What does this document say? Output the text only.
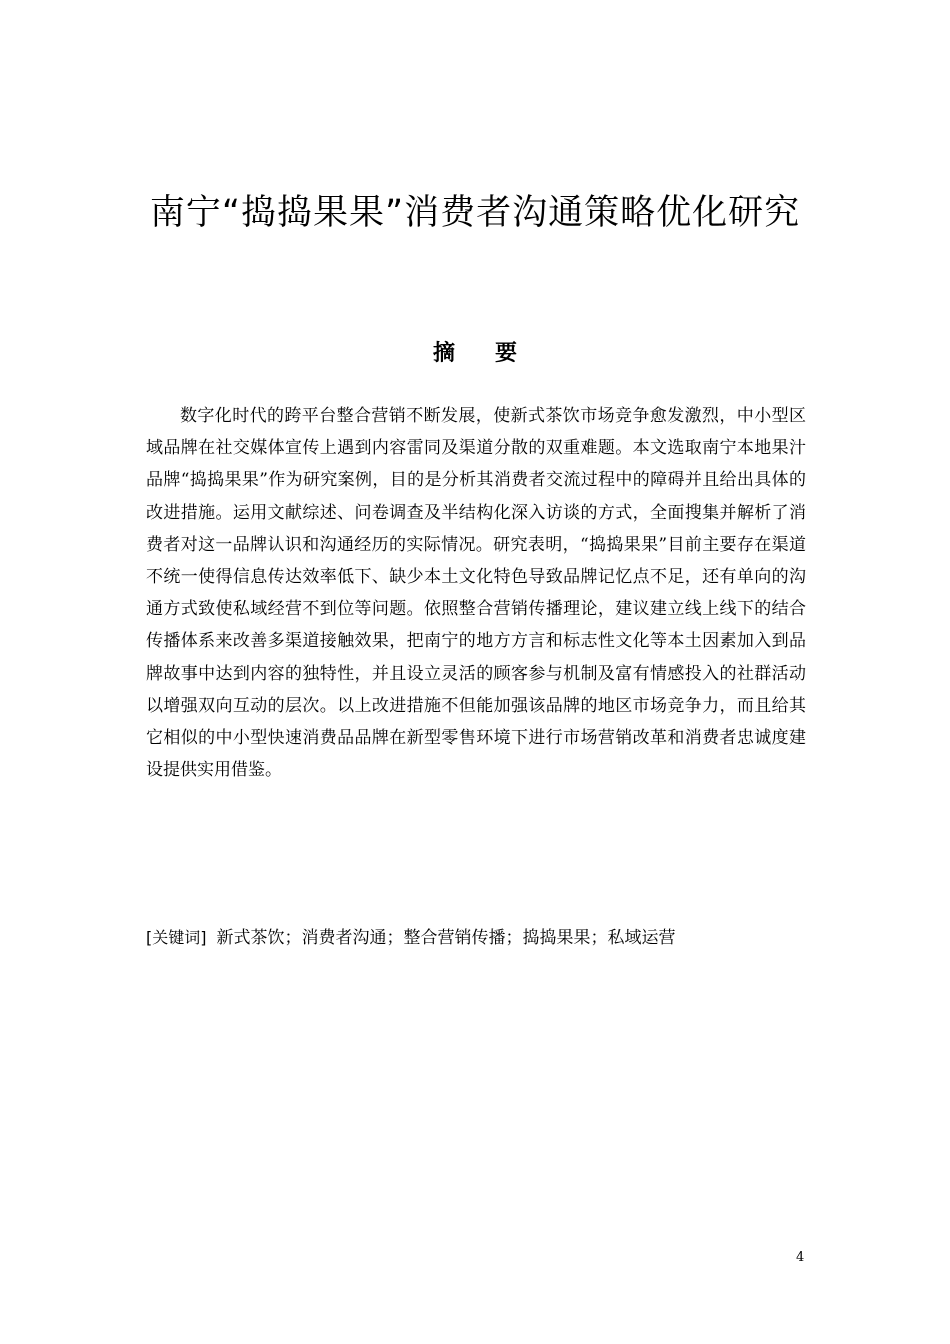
南宁“捣捣果果”消费者沟通策略优化研究
摘要

数字化时代的跨平台整合营销不断发展，使新式茶饮市场竞争愈发激烈，中小型区域品牌在社交媒体宣传上遇到内容雷同及渠道分散的双重难题。本文选取南宁本地果汁品牌“捣捣果果”作为研究案例，目的是分析其消费者交流过程中的障碍并且给出具体的改进措施。运用文献综述、问卷调查及半结构化深入访谈的方式，全面搜集并解析了消费者对这一品牌认识和沟通经历的实际情况。研究表明，“捣捣果果”目前主要存在渠道不统一使得信息传达效率低下、缺少本土文化特色导致品牌记忆点不足，还有单向的沟通方式致使私域经营不到位等问题。依照整合营销传播理论，建议建立线上线下的结合传播体系来改善多渠道接触效果，把南宁的地方方言和标志性文化等本土因素加入到品牌故事中达到内容的独特性，并且设立灵活的顾客参与机制及富有情感投入的社群活动以增强双向互动的层次。以上改进措施不但能加强该品牌的地区市场竞争力，而且给其它相似的中小型快速消费品品牌在新型零售环境下进行市场营销改革和消费者忠诚度建设提供实用借鉴。

[关键词] 新式茶饮；消费者沟通；整合营销传播；捣捣果果；私域运营

4
